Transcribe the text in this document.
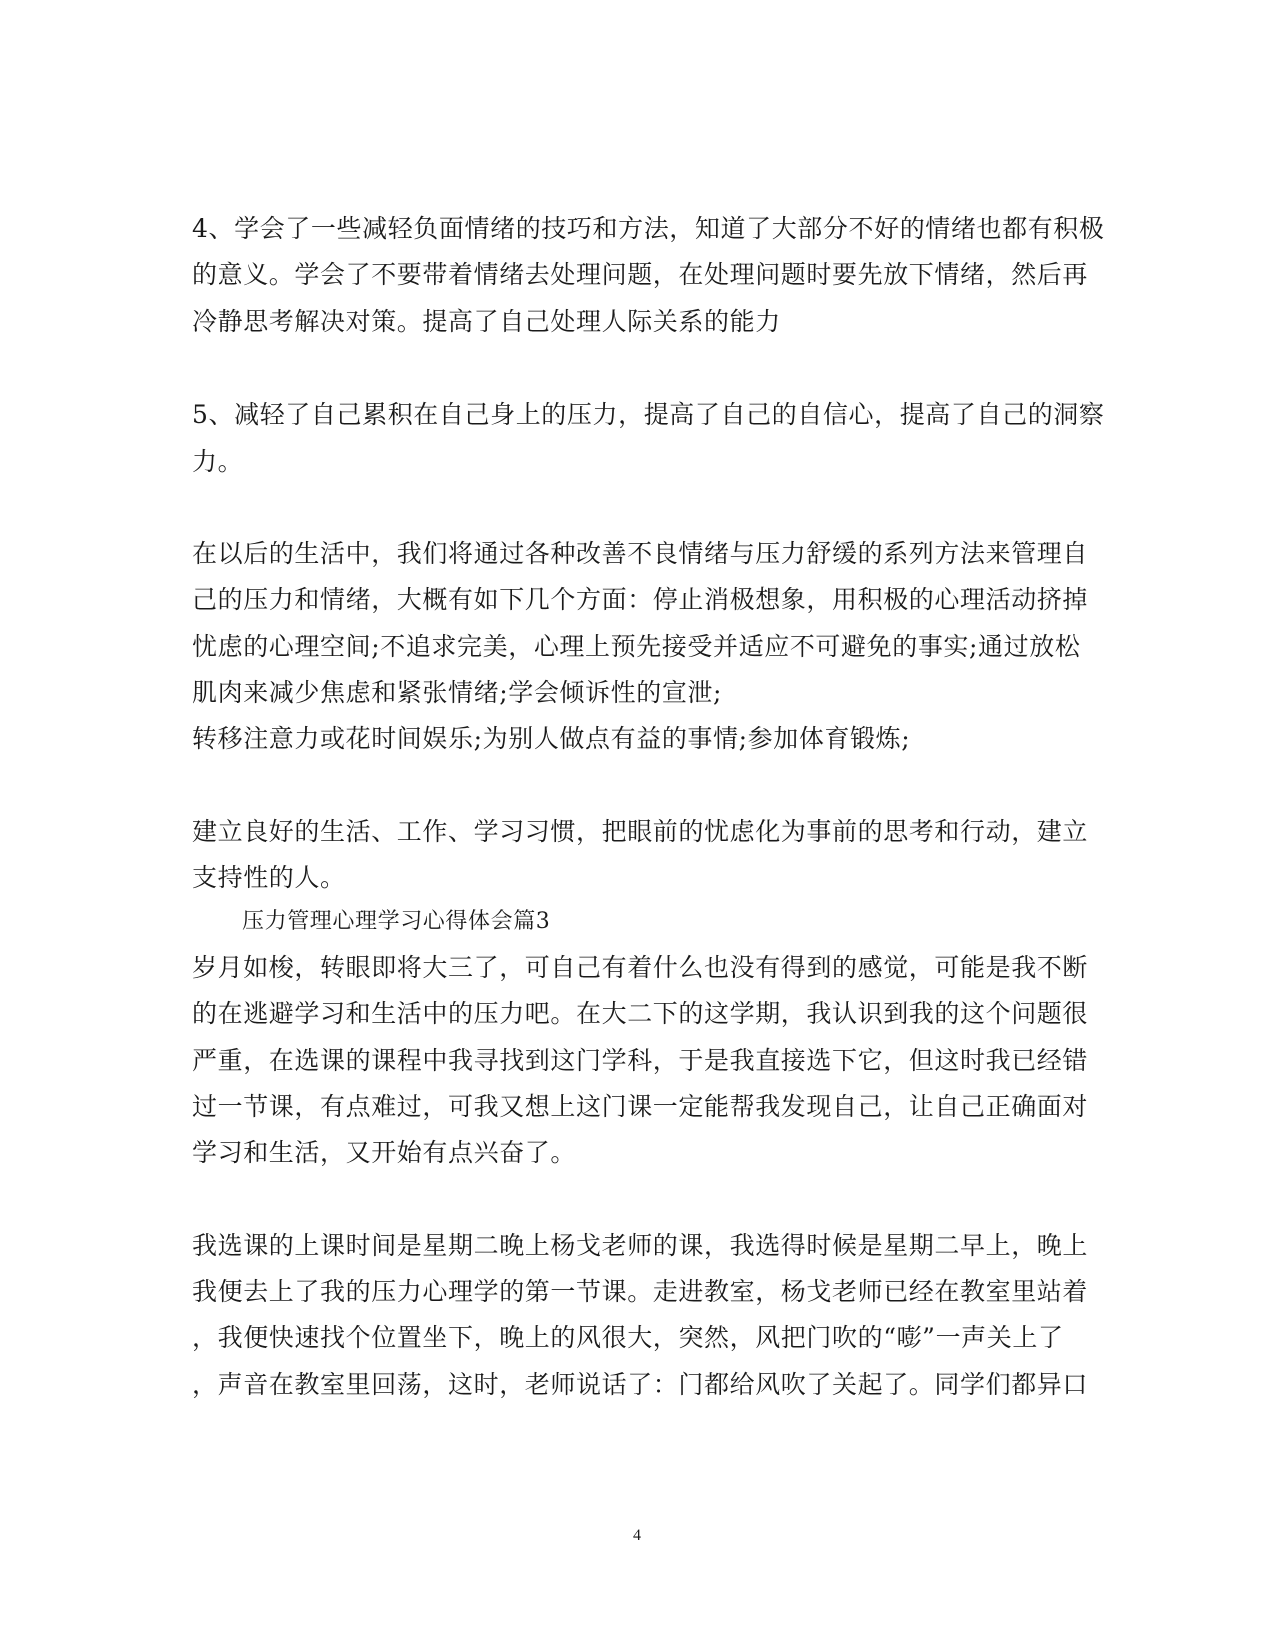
4、学会了一些减轻负面情绪的技巧和方法，知道了大部分不好的情绪也都有积极
的意义。学会了不要带着情绪去处理问题，在处理问题时要先放下情绪，然后再
冷静思考解决对策。提高了自己处理人际关系的能力
5、减轻了自己累积在自己身上的压力，提高了自己的自信心，提高了自己的洞察
力。
在以后的生活中，我们将通过各种改善不良情绪与压力舒缓的系列方法来管理自
己的压力和情绪，大概有如下几个方面：停止消极想象，用积极的心理活动挤掉
忧虑的心理空间;不追求完美，心理上预先接受并适应不可避免的事实;通过放松
肌肉来减少焦虑和紧张情绪;学会倾诉性的宣泄;
转移注意力或花时间娱乐;为别人做点有益的事情;参加体育锻炼;
建立良好的生活、工作、学习习惯，把眼前的忧虑化为事前的思考和行动，建立
支持性的人。
压力管理心理学习心得体会篇3
岁月如梭，转眼即将大三了，可自己有着什么也没有得到的感觉，可能是我不断
的在逃避学习和生活中的压力吧。在大二下的这学期，我认识到我的这个问题很
严重，在选课的课程中我寻找到这门学科，于是我直接选下它，但这时我已经错
过一节课，有点难过，可我又想上这门课一定能帮我发现自己，让自己正确面对
学习和生活，又开始有点兴奋了。
我选课的上课时间是星期二晚上杨戈老师的课，我选得时候是星期二早上，晚上
我便去上了我的压力心理学的第一节课。走进教室，杨戈老师已经在教室里站着
，我便快速找个位置坐下，晚上的风很大，突然，风把门吹的“嘭”一声关上了
，声音在教室里回荡，这时，老师说话了：门都给风吹了关起了。同学们都异口
4
